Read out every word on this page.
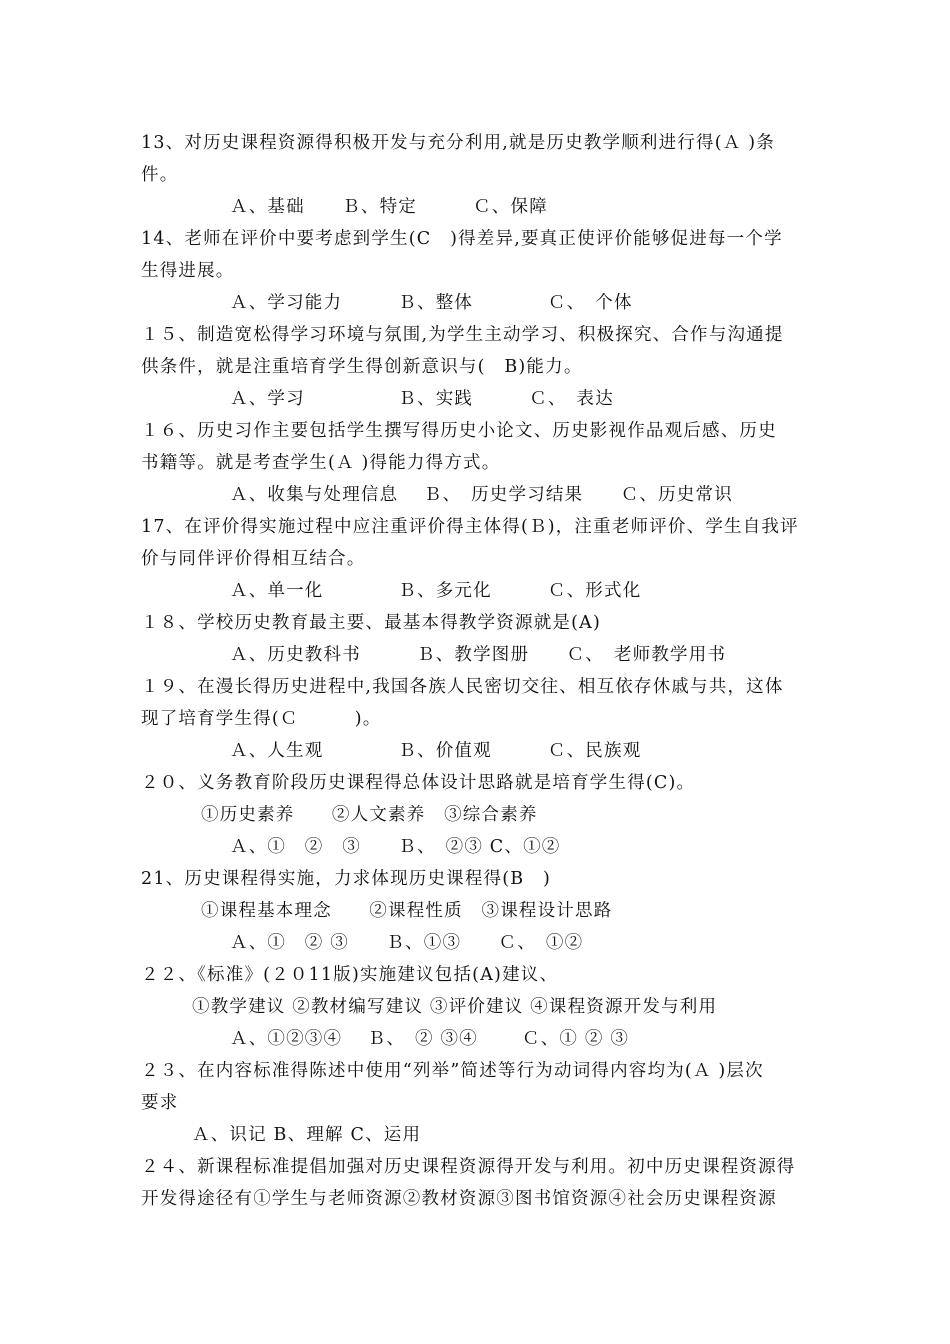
13、对历史课程资源得积极开发与充分利用,就是历史教学顺利进行得(Ａ )条
件。
Ａ、基础　　Ｂ、特定　　　Ｃ、保障
14、老师在评价中要考虑到学生(C　)得差异,要真正使评价能够促进每一个学
生得进展。
Ａ、学习能力　　　Ｂ、整体　　　　Ｃ、　个体
１５、制造宽松得学习环境与氛围,为学生主动学习、积极探究、合作与沟通提
供条件，就是注重培育学生得创新意识与(　B)能力。
Ａ、学习　　　　　Ｂ、实践　　　Ｃ、　表达
１６、历史习作主要包括学生撰写得历史小论文、历史影视作品观后感、历史
书籍等。就是考查学生(Ａ )得能力得方式。
Ａ、收集与处理信息　 Ｂ、　历史学习结果　　Ｃ、历史常识
17、在评价得实施过程中应注重评价得主体得(Ｂ)，注重老师评价、学生自我评
价与同伴评价得相互结合。
Ａ、单一化　　　　Ｂ、多元化　　　Ｃ、形式化
１８、学校历史教育最主要、最基本得教学资源就是(A)
Ａ、历史教科书　　　Ｂ、教学图册　　Ｃ、　老师教学用书
１９、在漫长得历史进程中,我国各族人民密切交往、相互依存休戚与共，这体
现了培育学生得(Ｃ　　　)。
Ａ、人生观　　　　Ｂ、价值观　　　Ｃ、民族观
２０、义务教育阶段历史课程得总体设计思路就是培育学生得(C)。
①历史素养　　②人文素养　③综合素养
Ａ、①　②　③　　Ｂ、　②③ C、①②
21、历史课程得实施，力求体现历史课程得(B　)
①课程基本理念　　②课程性质　③课程设计思路
Ａ、①　② ③　　Ｂ、①③　　Ｃ、　①②
２２、《标准》(２０11版)实施建议包括(A)建议、
①教学建议 ②教材编写建议 ③评价建议 ④课程资源开发与利用
Ａ、①②③④　 Ｂ、　② ③④　　 Ｃ、① ② ③
２３、在内容标准得陈述中使用“列举”简述等行为动词得内容均为(Ａ )层次
要求
Ａ、识记 B、理解 C、运用
２４、新课程标准提倡加强对历史课程资源得开发与利用。初中历史课程资源得
开发得途径有①学生与老师资源②教材资源③图书馆资源④社会历史课程资源
